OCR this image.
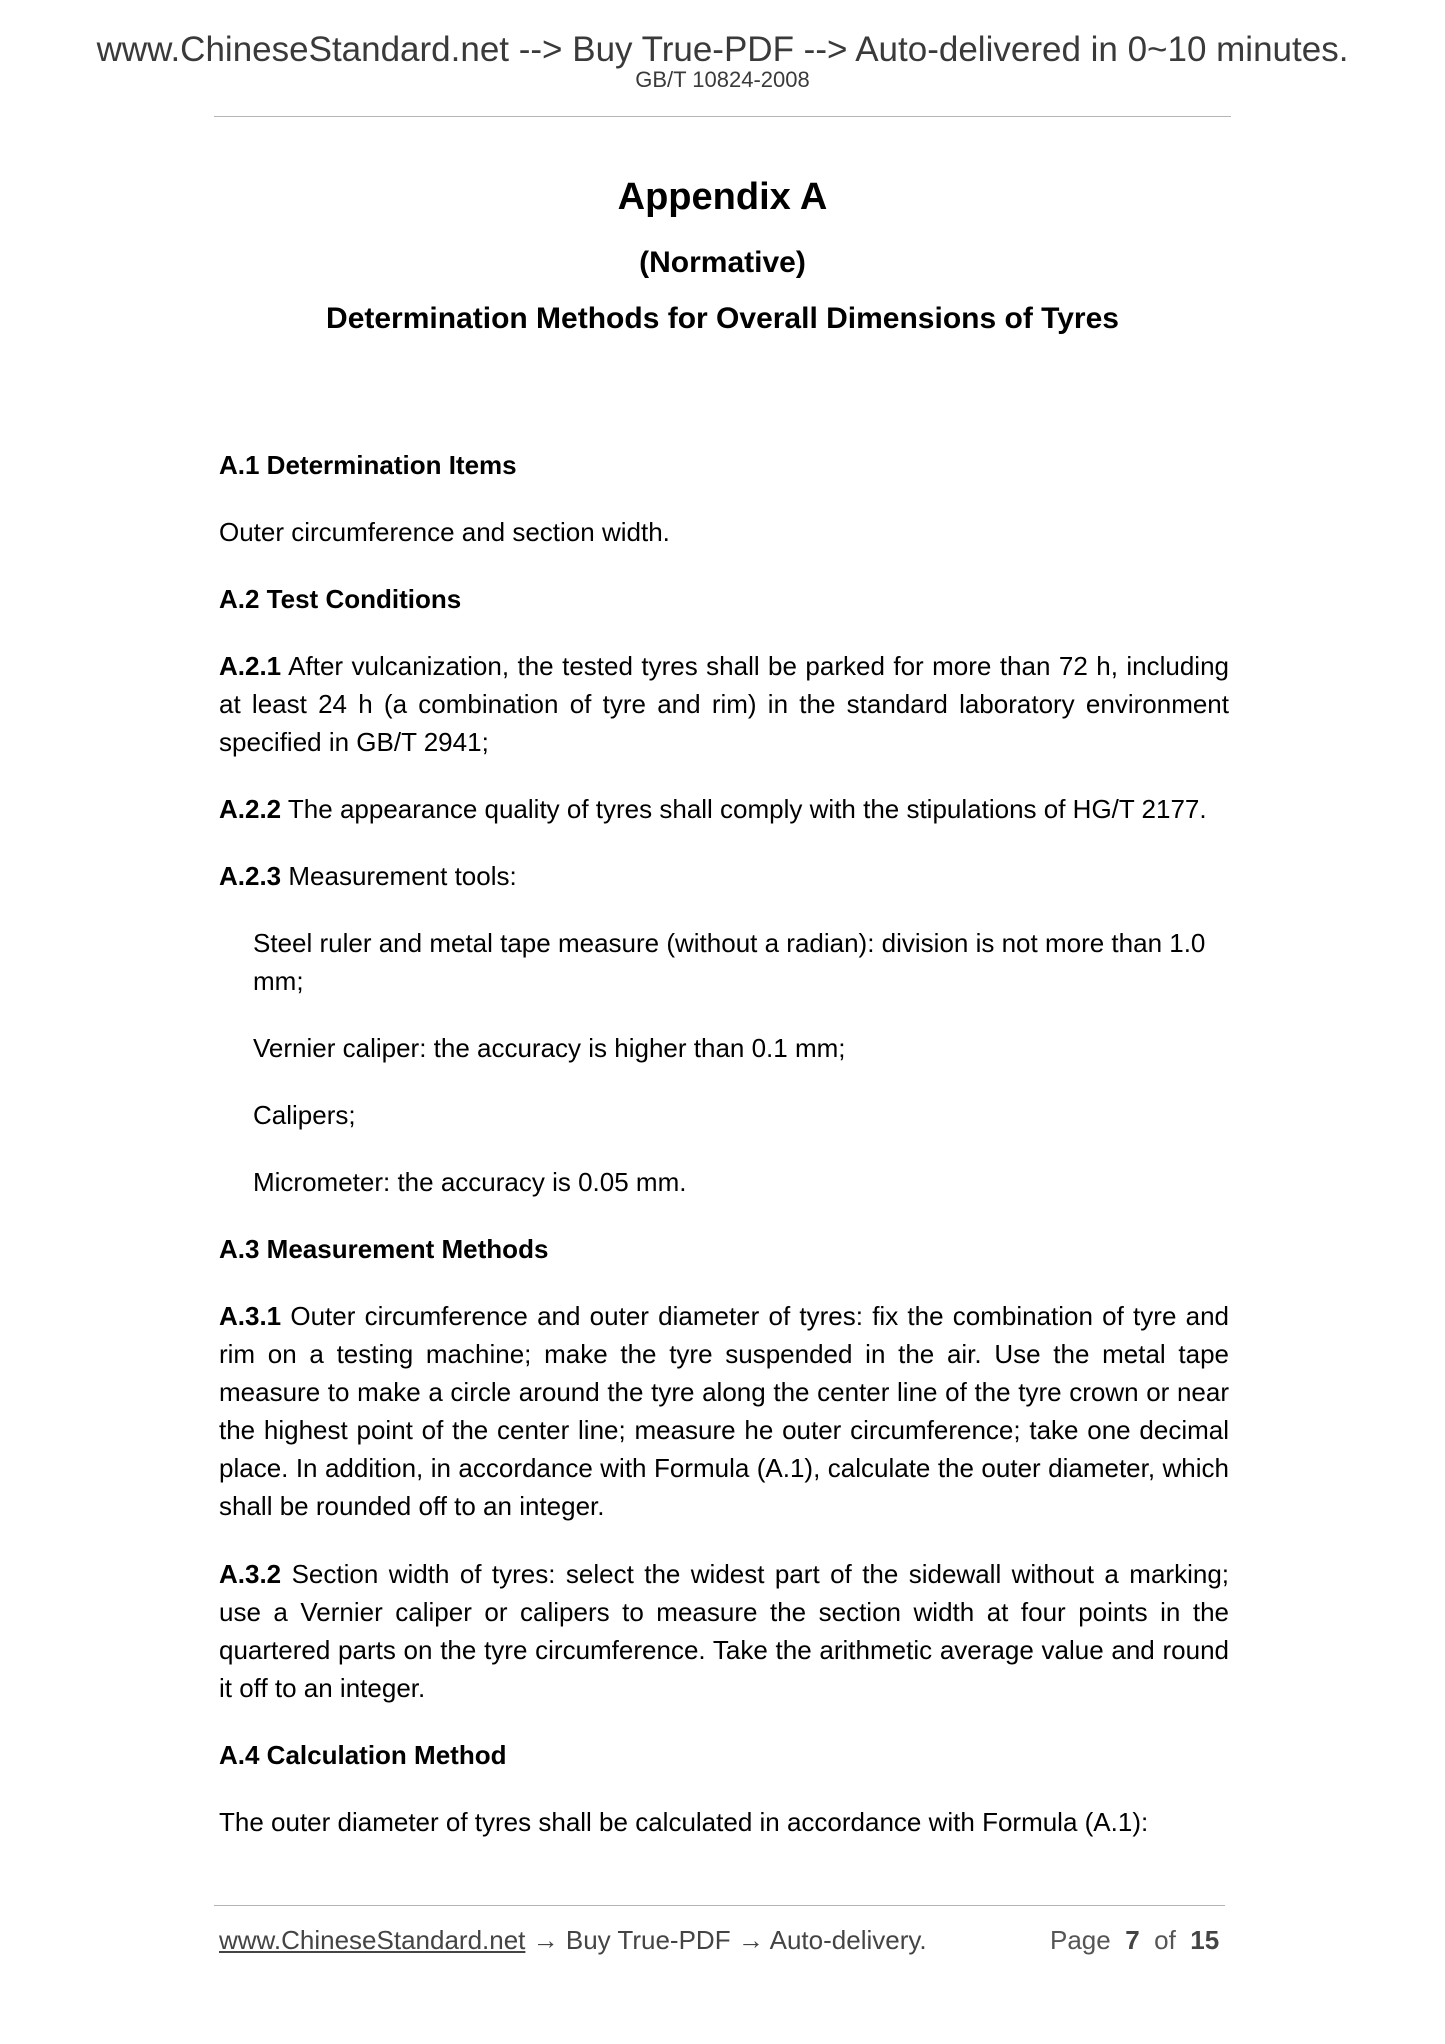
www.ChineseStandard.net --> Buy True-PDF --> Auto-delivered in 0~10 minutes.
GB/T 10824-2008
Appendix A
(Normative)
Determination Methods for Overall Dimensions of Tyres

A.1 Determination Items

Outer circumference and section width.

A.2 Test Conditions

A.2.1 After vulcanization, the tested tyres shall be parked for more than 72 h, including at least 24 h (a combination of tyre and rim) in the standard laboratory environment specified in GB/T 2941;

A.2.2 The appearance quality of tyres shall comply with the stipulations of HG/T 2177.

A.2.3 Measurement tools:

Steel ruler and metal tape measure (without a radian): division is not more than 1.0 mm;

Vernier caliper: the accuracy is higher than 0.1 mm;

Calipers;

Micrometer: the accuracy is 0.05 mm.

A.3 Measurement Methods

A.3.1 Outer circumference and outer diameter of tyres: fix the combination of tyre and rim on a testing machine; make the tyre suspended in the air. Use the metal tape measure to make a circle around the tyre along the center line of the tyre crown or near the highest point of the center line; measure he outer circumference; take one decimal place. In addition, in accordance with Formula (A.1), calculate the outer diameter, which shall be rounded off to an integer.

A.3.2 Section width of tyres: select the widest part of the sidewall without a marking; use a Vernier caliper or calipers to measure the section width at four points in the quartered parts on the tyre circumference. Take the arithmetic average value and round it off to an integer.

A.4 Calculation Method

The outer diameter of tyres shall be calculated in accordance with Formula (A.1):

www.ChineseStandard.net → Buy True-PDF → Auto-delivery.	Page 7 of 15
